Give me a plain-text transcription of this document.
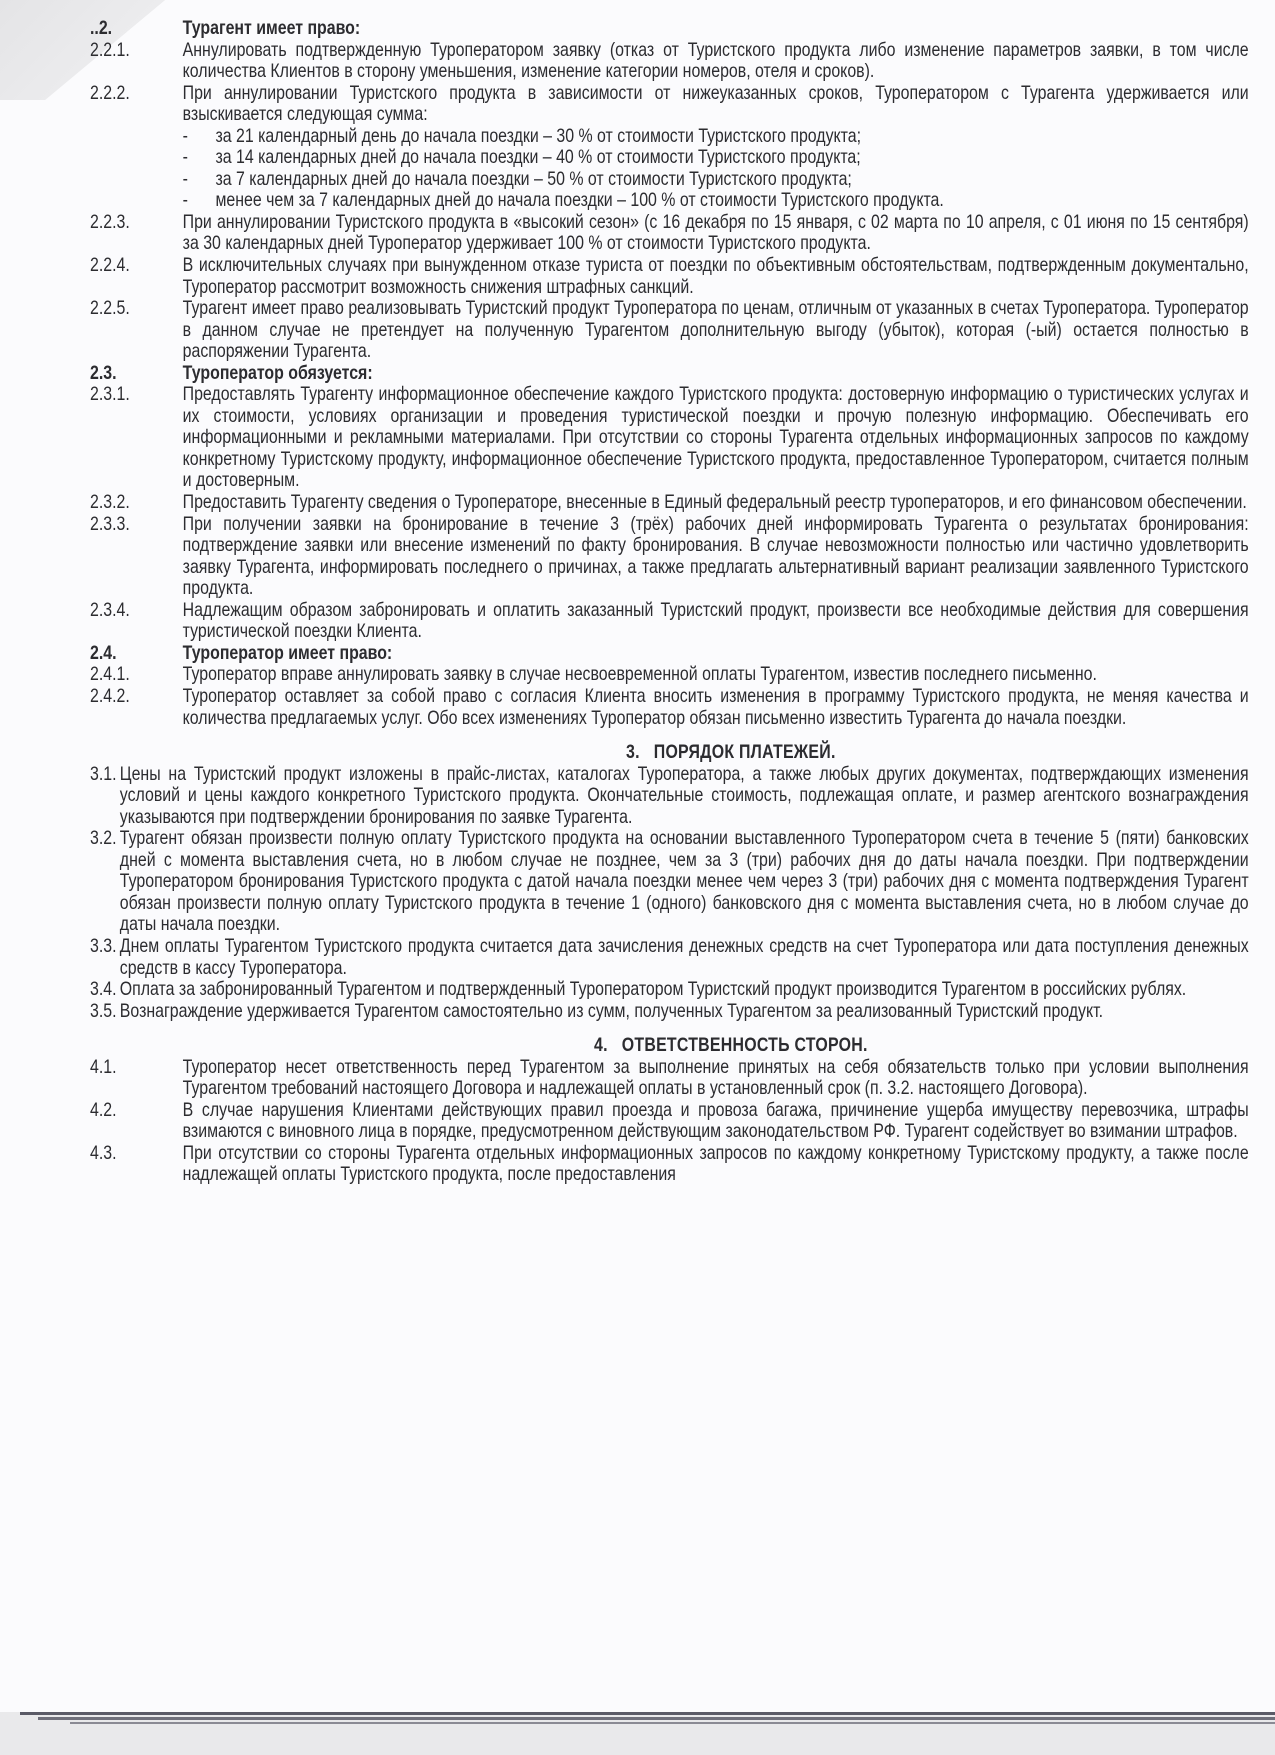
..2.	Турагент имеет право:
2.2.1.	Аннулировать подтвержденную Туроператором заявку (отказ от Туристского продукта либо изменение параметров заявки, в том числе количества Клиентов в сторону уменьшения, изменение категории номеров, отеля и сроков).
2.2.2.	При аннулировании Туристского продукта в зависимости от нижеуказанных сроков, Туроператором с Турагента удерживается или взыскивается следующая сумма:
-	за 21 календарный день до начала поездки – 30 % от стоимости Туристского продукта;
-	за 14 календарных дней до начала поездки – 40 % от стоимости Туристского продукта;
-	за 7 календарных дней до начала поездки – 50 % от стоимости Туристского продукта;
-	менее чем за 7 календарных дней до начала поездки – 100 % от стоимости Туристского продукта.
2.2.3.	При аннулировании Туристского продукта в «высокий сезон» (с 16 декабря по 15 января, с 02 марта по 10 апреля, с 01 июня по 15 сентября) за 30 календарных дней Туроператор удерживает 100 % от стоимости Туристского продукта.
2.2.4.	В исключительных случаях при вынужденном отказе туриста от поездки по объективным обстоятельствам, подтвержденным документально, Туроператор рассмотрит возможность снижения штрафных санкций.
2.2.5.	Турагент имеет право реализовывать Туристский продукт Туроператора по ценам, отличным от указанных в счетах Туроператора. Туроператор в данном случае не претендует на полученную Турагентом дополнительную выгоду (убыток), которая (-ый) остается полностью в распоряжении Турагента.
2.3.	Туроператор обязуется:
2.3.1.	Предоставлять Турагенту информационное обеспечение каждого Туристского продукта: достоверную информацию о туристических услугах и их стоимости, условиях организации и проведения туристической поездки и прочую полезную информацию. Обеспечивать его информационными и рекламными материалами. При отсутствии со стороны Турагента отдельных информационных запросов по каждому конкретному Туристскому продукту, информационное обеспечение Туристского продукта, предоставленное Туроператором, считается полным и достоверным.
2.3.2.	Предоставить Турагенту сведения о Туроператоре, внесенные в Единый федеральный реестр туроператоров, и его финансовом обеспечении.
2.3.3.	При получении заявки на бронирование в течение 3 (трёх) рабочих дней информировать Турагента о результатах бронирования: подтверждение заявки или внесение изменений по факту бронирования. В случае невозможности полностью или частично удовлетворить заявку Турагента, информировать последнего о причинах, а также предлагать альтернативный вариант реализации заявленного Туристского продукта.
2.3.4.	Надлежащим образом забронировать и оплатить заказанный Туристский продукт, произвести все необходимые действия для совершения туристической поездки Клиента.
2.4.	Туроператор имеет право:
2.4.1.	Туроператор вправе аннулировать заявку в случае несвоевременной оплаты Турагентом, известив последнего письменно.
2.4.2.	Туроператор оставляет за собой право с согласия Клиента вносить изменения в программу Туристского продукта, не меняя качества и количества предлагаемых услуг. Обо всех изменениях Туроператор обязан письменно известить Турагента до начала поездки.
3.   ПОРЯДОК ПЛАТЕЖЕЙ.
3.1. Цены на Туристский продукт изложены в прайс-листах, каталогах Туроператора, а также любых других документах, подтверждающих изменения условий и цены каждого конкретного Туристского продукта. Окончательные стоимость, подлежащая оплате, и размер агентского вознаграждения указываются при подтверждении бронирования по заявке Турагента.
3.2. Турагент обязан произвести полную оплату Туристского продукта на основании выставленного Туроператором счета в течение 5 (пяти) банковских дней с момента выставления счета, но в любом случае не позднее, чем за 3 (три) рабочих дня до даты начала поездки. При подтверждении Туроператором бронирования Туристского продукта с датой начала поездки менее чем через 3 (три) рабочих дня с момента подтверждения Турагент обязан произвести полную оплату Туристского продукта в течение 1 (одного) банковского дня с момента выставления счета, но в любом случае до даты начала поездки.
3.3. Днем оплаты Турагентом Туристского продукта считается дата зачисления денежных средств на счет Туроператора или дата поступления денежных средств в кассу Туроператора.
3.4. Оплата за забронированный Турагентом и подтвержденный Туроператором Туристский продукт производится Турагентом в российских рублях.
3.5. Вознаграждение удерживается Турагентом самостоятельно из сумм, полученных Турагентом за реализованный Туристский продукт.
4.   ОТВЕТСТВЕННОСТЬ СТОРОН.
4.1.	Туроператор несет ответственность перед Турагентом за выполнение принятых на себя обязательств только при условии выполнения Турагентом требований настоящего Договора и надлежащей оплаты в установленный срок (п. 3.2. настоящего Договора).
4.2.	В случае нарушения Клиентами действующих правил проезда и провоза багажа, причинение ущерба имуществу перевозчика, штрафы взимаются с виновного лица в порядке, предусмотренном действующим законодательством РФ. Турагент содействует во взимании штрафов.
4.3.	При отсутствии со стороны Турагента отдельных информационных запросов по каждому конкретному Туристскому продукту, а также после надлежащей оплаты Туристского продукта, после предоставления
